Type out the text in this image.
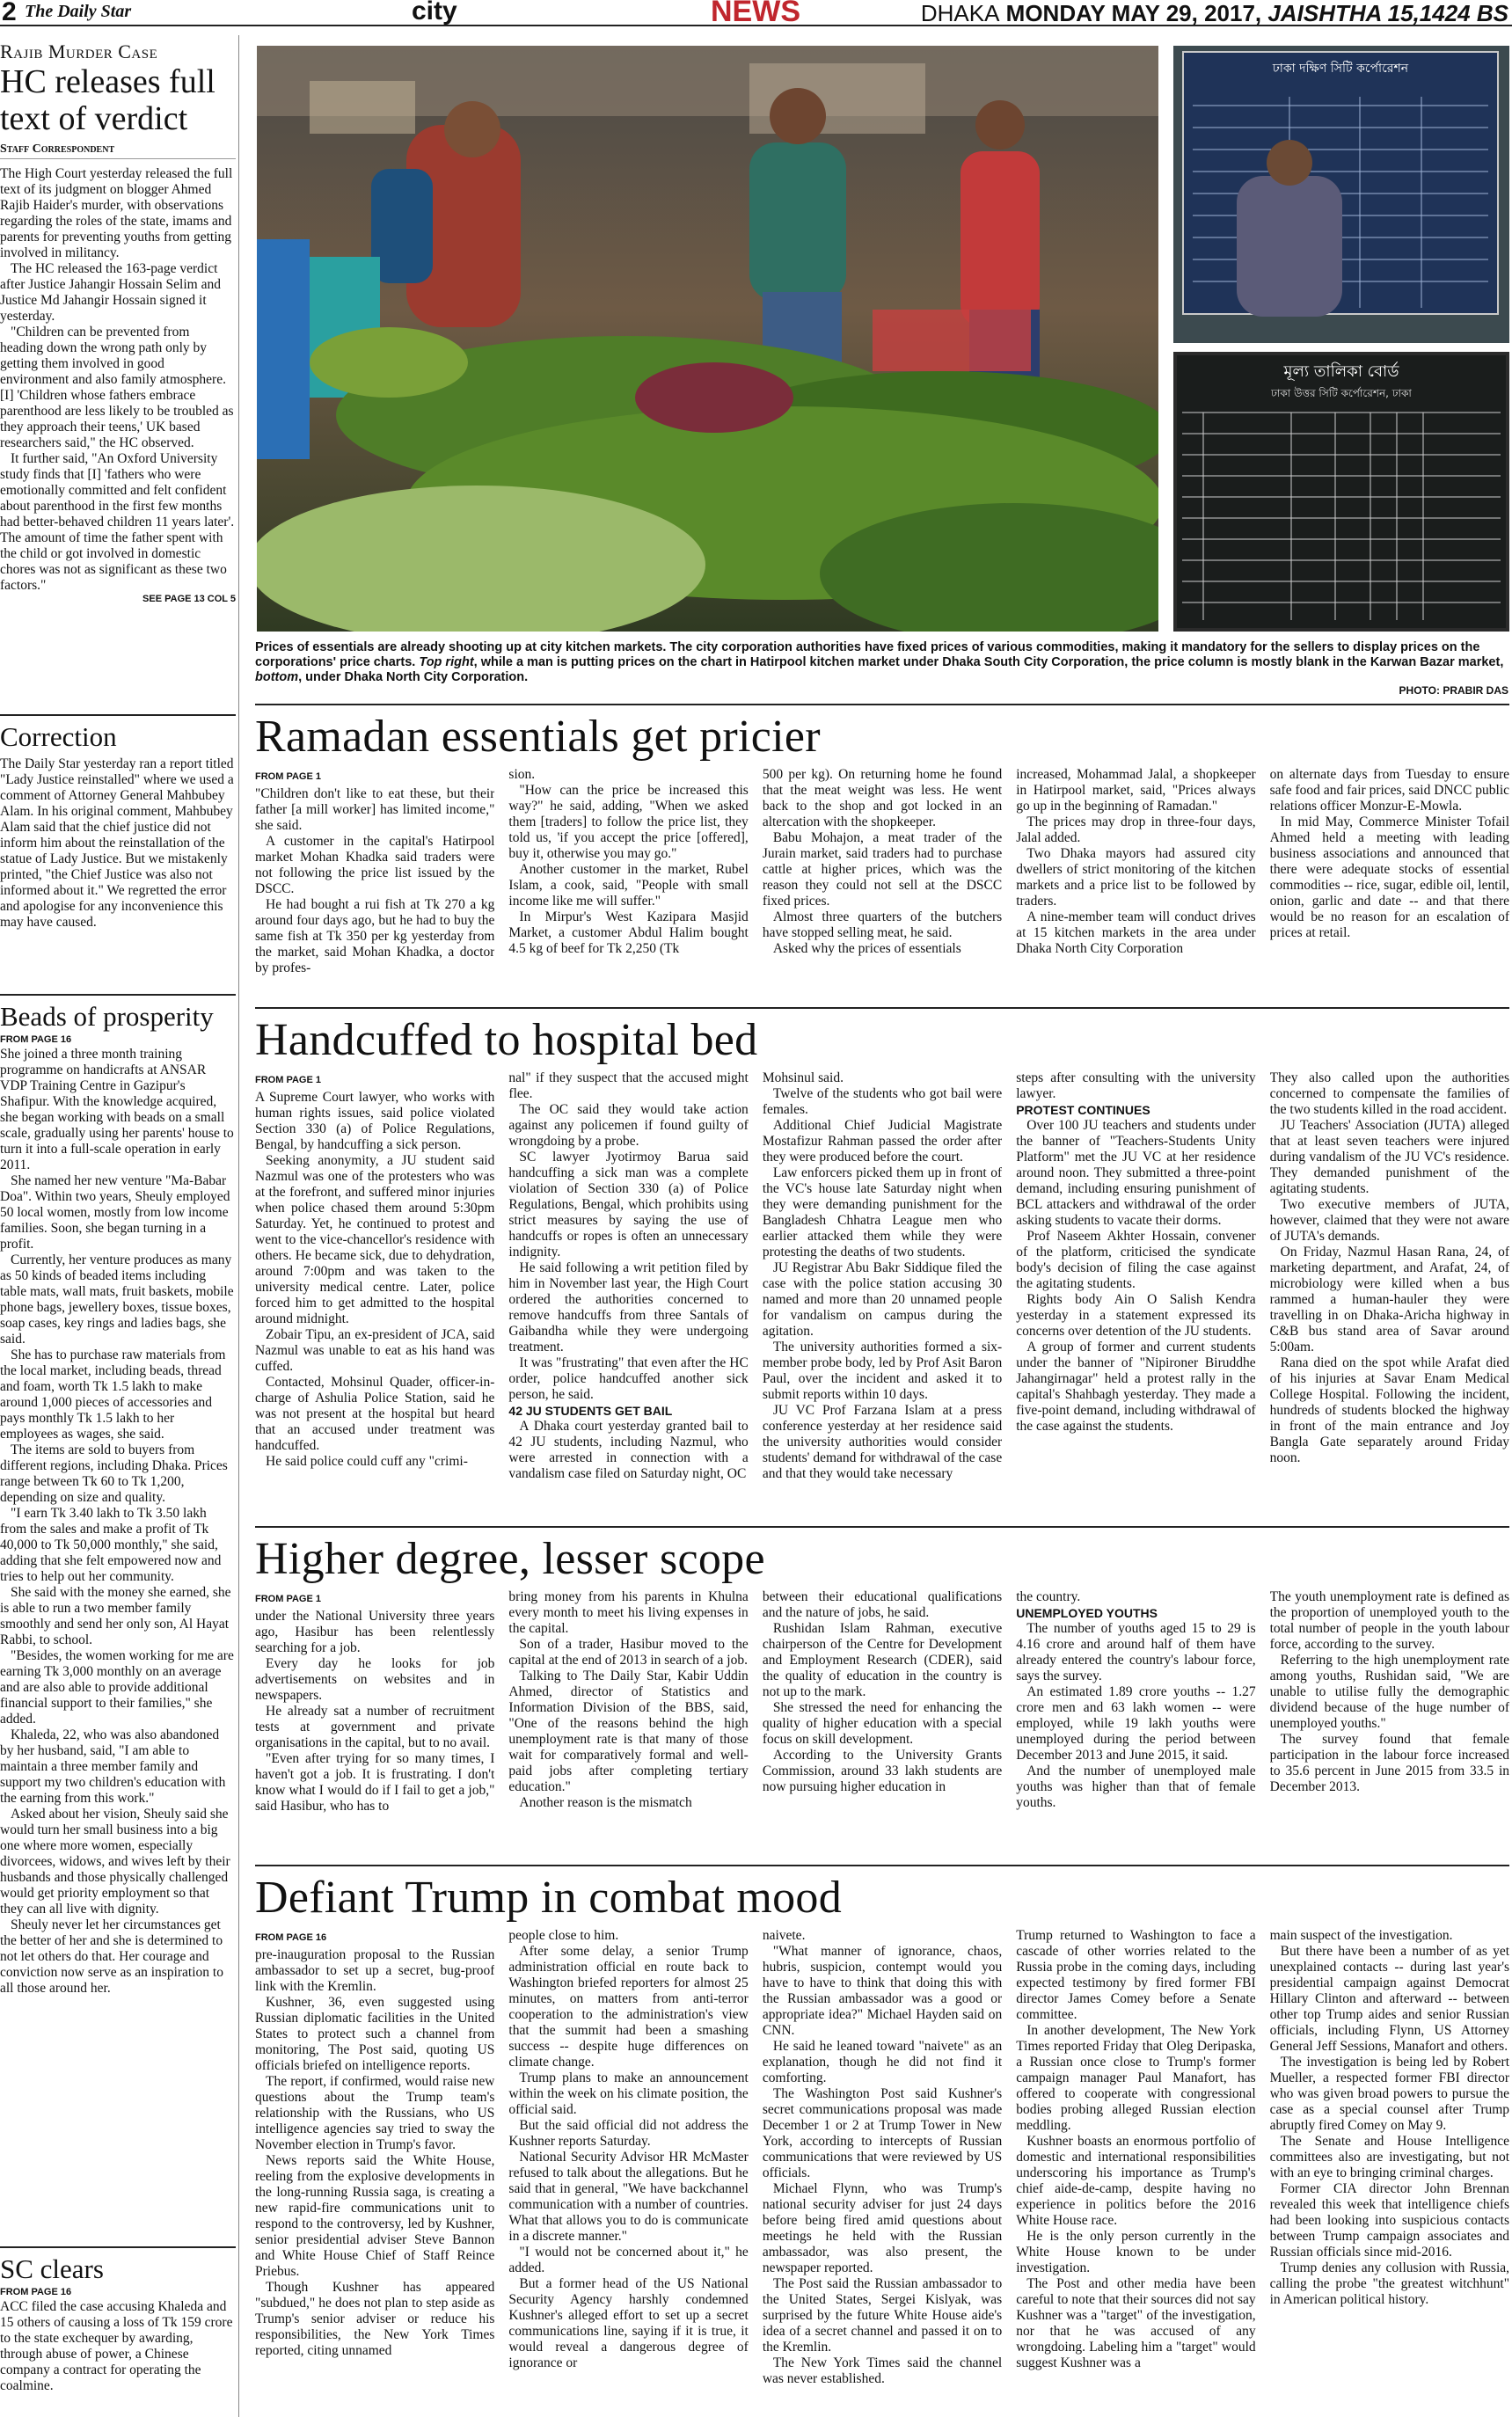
2 The Daily Star	city	NEWS	DHAKA MONDAY MAY 29, 2017, JAISHTHA 15,1424 BS
Rajib Murder Case
HC releases full text of verdict
Staff Correspondent

The High Court yesterday released the full text of its judgment on blogger Ahmed Rajib Haider's murder, with observations regarding the roles of the state, imams and parents for preventing youths from getting involved in militancy.

The HC released the 163-page verdict after Justice Jahangir Hossain Selim and Justice Md Jahangir Hossain signed it yesterday.

"Children can be prevented from heading down the wrong path only by getting them involved in good environment and also family atmosphere. [I] 'Children whose fathers embrace parenthood are less likely to be troubled as they approach their teens,' UK based researchers said," the HC observed.

It further said, "An Oxford University study finds that [I] 'fathers who were emotionally committed and felt confident about parenthood in the first few months had better-behaved children 11 years later'. The amount of time the father spent with the child or got involved in domestic chores was not as significant as these two factors."

SEE PAGE 13 COL 5
Correction

The Daily Star yesterday ran a report titled "Lady Justice reinstalled" where we used a comment of Attorney General Mahbubey Alam. In his original comment, Mahbubey Alam said that the chief justice did not inform him about the reinstallation of the statue of Lady Justice. But we mistakenly printed, "the Chief Justice was also not informed about it." We regretted the error and apologise for any inconvenience this may have caused.

Beads of prosperity
FROM PAGE 16

She joined a three month training programme on handicrafts at ANSAR VDP Training Centre in Gazipur's Shafipur. With the knowledge acquired, she began working with beads on a small scale, gradually using her parents' house to turn it into a full-scale operation in early 2011.

She named her new venture "Ma-Babar Doa". Within two years, Sheuly employed 50 local women, mostly from low income families. Soon, she began turning in a profit.

Currently, her venture produces as many as 50 kinds of beaded items including table mats, wall mats, fruit baskets, mobile phone bags, jewellery boxes, tissue boxes, soap cases, key rings and ladies bags, she said.

She has to purchase raw materials from the local market, including beads, thread and foam, worth Tk 1.5 lakh to make around 1,000 pieces of accessories and pays monthly Tk 1.5 lakh to her employees as wages, she said.

The items are sold to buyers from different regions, including Dhaka. Prices range between Tk 60 to Tk 1,200, depending on size and quality.

"I earn Tk 3.40 lakh to Tk 3.50 lakh from the sales and make a profit of Tk 40,000 to Tk 50,000 monthly," she said, adding that she felt empowered now and tries to help out her community.

She said with the money she earned, she is able to run a two member family smoothly and send her only son, Al Hayat Rabbi, to school.

"Besides, the women working for me are earning Tk 3,000 monthly on an average and are also able to provide additional financial support to their families," she added.

Khaleda, 22, who was also abandoned by her husband, said, "I am able to maintain a three member family and support my two children's education with the earning from this work."

Asked about her vision, Sheuly said she would turn her small business into a big one where more women, especially divorcees, widows, and wives left by their husbands and those physically challenged would get priority employment so that they can all live with dignity.

Sheuly never let her circumstances get the better of her and she is determined to not let others do that. Her courage and conviction now serve as an inspiration to all those around her.

SC clears
FROM PAGE 16

ACC filed the case accusing Khaleda and 15 others of causing a loss of Tk 159 crore to the state exchequer by awarding, through abuse of power, a Chinese company a contract for operating the coalmine.

ঢাকা দক্ষিণ সিটি কর্পোরেশন
মূল্য তালিকা বোর্ড
ঢাকা উত্তর সিটি কর্পোরেশন, ঢাকা
Prices of essentials are already shooting up at city kitchen markets. The city corporation authorities have fixed prices of various commodities, making it mandatory for the sellers to display prices on the corporations' price charts. Top right, while a man is putting prices on the chart in Hatirpool kitchen market under Dhaka South City Corporation, the price column is mostly blank in the Karwan Bazar market, bottom, under Dhaka North City Corporation.
PHOTO: PRABIR DAS
Ramadan essentials get pricier
FROM PAGE 1

"Children don't like to eat these, but their father [a mill worker] has limited income," she said.

A customer in the capital's Hatirpool market Mohan Khadka said traders were not following the price list issued by the DSCC.

He had bought a rui fish at Tk 270 a kg around four days ago, but he had to buy the same fish at Tk 350 per kg yesterday from the market, said Mohan Khadka, a doctor by profes-

sion.

"How can the price be increased this way?" he said, adding, "When we asked them [traders] to follow the price list, they told us, 'if you accept the price [offered], buy it, otherwise you may go."

Another customer in the market, Rubel Islam, a cook, said, "People with small income like me will suffer."

In Mirpur's West Kazipara Masjid Market, a customer Abdul Halim bought 4.5 kg of beef for Tk 2,250 (Tk

500 per kg). On returning home he found that the meat weight was less. He went back to the shop and got locked in an altercation with the shopkeeper.

Babu Mohajon, a meat trader of the Jurain market, said traders had to purchase cattle at higher prices, which was the reason they could not sell at the DSCC fixed prices.

Almost three quarters of the butchers have stopped selling meat, he said.

Asked why the prices of essentials

increased, Mohammad Jalal, a shopkeeper in Hatirpool market, said, "Prices always go up in the beginning of Ramadan."

The prices may drop in three-four days, Jalal added.

Two Dhaka mayors had assured city dwellers of strict monitoring of the kitchen markets and a price list to be followed by traders.

A nine-member team will conduct drives at 15 kitchen markets in the area under Dhaka North City Corporation

on alternate days from Tuesday to ensure safe food and fair prices, said DNCC public relations officer Monzur-E-Mowla.

In mid May, Commerce Minister Tofail Ahmed held a meeting with leading business associations and announced that there were adequate stocks of essential commodities -- rice, sugar, edible oil, lentil, onion, garlic and date -- and that there would be no reason for an escalation of prices at retail.

Handcuffed to hospital bed
FROM PAGE 1

A Supreme Court lawyer, who works with human rights issues, said police violated Section 330 (a) of Police Regulations, Bengal, by handcuffing a sick person.

Seeking anonymity, a JU student said Nazmul was one of the protesters who was at the forefront, and suffered minor injuries when police chased them around 5:30pm Saturday. Yet, he continued to protest and went to the vice-chancellor's residence with others. He became sick, due to dehydration, around 7:00pm and was taken to the university medical centre. Later, police forced him to get admitted to the hospital around midnight.

Zobair Tipu, an ex-president of JCA, said Nazmul was unable to eat as his hand was cuffed.

Contacted, Mohsinul Quader, officer-in-charge of Ashulia Police Station, said he was not present at the hospital but heard that an accused under treatment was handcuffed.

He said police could cuff any "crimi-

nal" if they suspect that the accused might flee.

The OC said they would take action against any policemen if found guilty of wrongdoing by a probe.

SC lawyer Jyotirmoy Barua said handcuffing a sick man was a complete violation of Section 330 (a) of Police Regulations, Bengal, which prohibits using strict measures by saying the use of handcuffs or ropes is often an unnecessary indignity.

He said following a writ petition filed by him in November last year, the High Court ordered the authorities concerned to remove handcuffs from three Santals of Gaibandha while they were undergoing treatment.

It was "frustrating" that even after the HC order, police handcuffed another sick person, he said.

42 JU STUDENTS GET BAIL

A Dhaka court yesterday granted bail to 42 JU students, including Nazmul, who were arrested in connection with a vandalism case filed on Saturday night, OC

Mohsinul said.

Twelve of the students who got bail were females.

Additional Chief Judicial Magistrate Mostafizur Rahman passed the order after they were produced before the court.

Law enforcers picked them up in front of the VC's house late Saturday night when they were demanding punishment for the Bangladesh Chhatra League men who earlier attacked them while they were protesting the deaths of two students.

JU Registrar Abu Bakr Siddique filed the case with the police station accusing 30 named and more than 20 unnamed people for vandalism on campus during the agitation.

The university authorities formed a six-member probe body, led by Prof Asit Baron Paul, over the incident and asked it to submit reports within 10 days.

JU VC Prof Farzana Islam at a press conference yesterday at her residence said the university authorities would consider students' demand for withdrawal of the case and that they would take necessary

steps after consulting with the university lawyer.

PROTEST CONTINUES

Over 100 JU teachers and students under the banner of "Teachers-Students Unity Platform" met the JU VC at her residence around noon. They submitted a three-point demand, including ensuring punishment of BCL attackers and withdrawal of the order asking students to vacate their dorms.

Prof Naseem Akhter Hossain, convener of the platform, criticised the syndicate body's decision of filing the case against the agitating students.

Rights body Ain O Salish Kendra yesterday in a statement expressed its concerns over detention of the JU students.

A group of former and current students under the banner of "Nipironer Biruddhe Jahangirnagar" held a protest rally in the capital's Shahbagh yesterday. They made a five-point demand, including withdrawal of the case against the students.

They also called upon the authorities concerned to compensate the families of the two students killed in the road accident.

JU Teachers' Association (JUTA) alleged that at least seven teachers were injured during vandalism of the JU VC's residence. They demanded punishment of the agitating students.

Two executive members of JUTA, however, claimed that they were not aware of JUTA's demands.

On Friday, Nazmul Hasan Rana, 24, of marketing department, and Arafat, 24, of microbiology were killed when a bus rammed a human-hauler they were travelling in on Dhaka-Aricha highway in C&B bus stand area of Savar around 5:00am.

Rana died on the spot while Arafat died of his injuries at Savar Enam Medical College Hospital. Following the incident, hundreds of students blocked the highway in front of the main entrance and Joy Bangla Gate separately around Friday noon.

Higher degree, lesser scope
FROM PAGE 1

under the National University three years ago, Hasibur has been relentlessly searching for a job.

Every day he looks for job advertisements on websites and in newspapers.

He already sat a number of recruitment tests at government and private organisations in the capital, but to no avail.

"Even after trying for so many times, I haven't got a job. It is frustrating. I don't know what I would do if I fail to get a job," said Hasibur, who has to

bring money from his parents in Khulna every month to meet his living expenses in the capital.

Son of a trader, Hasibur moved to the capital at the end of 2013 in search of a job.

Talking to The Daily Star, Kabir Uddin Ahmed, director of Statistics and Information Division of the BBS, said, "One of the reasons behind the high unemployment rate is that many of those wait for comparatively formal and well-paid jobs after completing tertiary education."

Another reason is the mismatch

between their educational qualifications and the nature of jobs, he said.

Rushidan Islam Rahman, executive chairperson of the Centre for Development and Employment Research (CDER), said the quality of education in the country is not up to the mark.

She stressed the need for enhancing the quality of higher education with a special focus on skill development.

According to the University Grants Commission, around 33 lakh students are now pursuing higher education in

the country.

UNEMPLOYED YOUTHS

The number of youths aged 15 to 29 is 4.16 crore and around half of them have already entered the country's labour force, says the survey.

An estimated 1.89 crore youths -- 1.27 crore men and 63 lakh women -- were employed, while 19 lakh youths were unemployed during the period between December 2013 and June 2015, it said.

And the number of unemployed male youths was higher than that of female youths.

The youth unemployment rate is defined as the proportion of unemployed youth to the total number of people in the youth labour force, according to the survey.

Referring to the high unemployment rate among youths, Rushidan said, "We are unable to utilise fully the demographic dividend because of the huge number of unemployed youths."

The survey found that female participation in the labour force increased to 35.6 percent in June 2015 from 33.5 in December 2013.

Defiant Trump in combat mood
FROM PAGE 16

pre-inauguration proposal to the Russian ambassador to set up a secret, bug-proof link with the Kremlin.

Kushner, 36, even suggested using Russian diplomatic facilities in the United States to protect such a channel from monitoring, The Post said, quoting US officials briefed on intelligence reports.

The report, if confirmed, would raise new questions about the Trump team's relationship with the Russians, who US intelligence agencies say tried to sway the November election in Trump's favor.

News reports said the White House, reeling from the explosive developments in the long-running Russia saga, is creating a new rapid-fire communications unit to respond to the controversy, led by Kushner, senior presidential adviser Steve Bannon and White House Chief of Staff Reince Priebus.

Though Kushner has appeared "subdued," he does not plan to step aside as Trump's senior adviser or reduce his responsibilities, the New York Times reported, citing unnamed

people close to him.

After some delay, a senior Trump administration official en route back to Washington briefed reporters for almost 25 minutes, on matters from anti-terror cooperation to the administration's view that the summit had been a smashing success -- despite huge differences on climate change.

Trump plans to make an announcement within the week on his climate position, the official said.

But the said official did not address the Kushner reports Saturday.

National Security Advisor HR McMaster refused to talk about the allegations. But he said that in general, "We have backchannel communication with a number of countries. What that allows you to do is communicate in a discrete manner."

"I would not be concerned about it," he added.

But a former head of the US National Security Agency harshly condemned Kushner's alleged effort to set up a secret communications line, saying if it is true, it would reveal a dangerous degree of ignorance or

naivete.

"What manner of ignorance, chaos, hubris, suspicion, contempt would you have to have to think that doing this with the Russian ambassador was a good or appropriate idea?" Michael Hayden said on CNN.

He said he leaned toward "naivete" as an explanation, though he did not find it comforting.

The Washington Post said Kushner's secret communications proposal was made December 1 or 2 at Trump Tower in New York, according to intercepts of Russian communications that were reviewed by US officials.

Michael Flynn, who was Trump's national security adviser for just 24 days before being fired amid questions about meetings he held with the Russian ambassador, was also present, the newspaper reported.

The Post said the Russian ambassador to the United States, Sergei Kislyak, was surprised by the future White House aide's idea of a secret channel and passed it on to the Kremlin.

The New York Times said the channel was never established.

Trump returned to Washington to face a cascade of other worries related to the Russia probe in the coming days, including expected testimony by fired former FBI director James Comey before a Senate committee.

In another development, The New York Times reported Friday that Oleg Deripaska, a Russian once close to Trump's former campaign manager Paul Manafort, has offered to cooperate with congressional bodies probing alleged Russian election meddling.

Kushner boasts an enormous portfolio of domestic and international responsibilities underscoring his importance as Trump's chief aide-de-camp, despite having no experience in politics before the 2016 White House race.

He is the only person currently in the White House known to be under investigation.

The Post and other media have been careful to note that their sources did not say Kushner was a "target" of the investigation, nor that he was accused of any wrongdoing. Labeling him a "target" would suggest Kushner was a

main suspect of the investigation.

But there have been a number of as yet unexplained contacts -- during last year's presidential campaign against Democrat Hillary Clinton and afterward -- between other top Trump aides and senior Russian officials, including Flynn, US Attorney General Jeff Sessions, Manafort and others.

The investigation is being led by Robert Mueller, a respected former FBI director who was given broad powers to pursue the case as a special counsel after Trump abruptly fired Comey on May 9.

The Senate and House Intelligence committees also are investigating, but not with an eye to bringing criminal charges.

Former CIA director John Brennan revealed this week that intelligence chiefs had been looking into suspicious contacts between Trump campaign associates and Russian officials since mid-2016.

Trump denies any collusion with Russia, calling the probe "the greatest witchhunt" in American political history.
